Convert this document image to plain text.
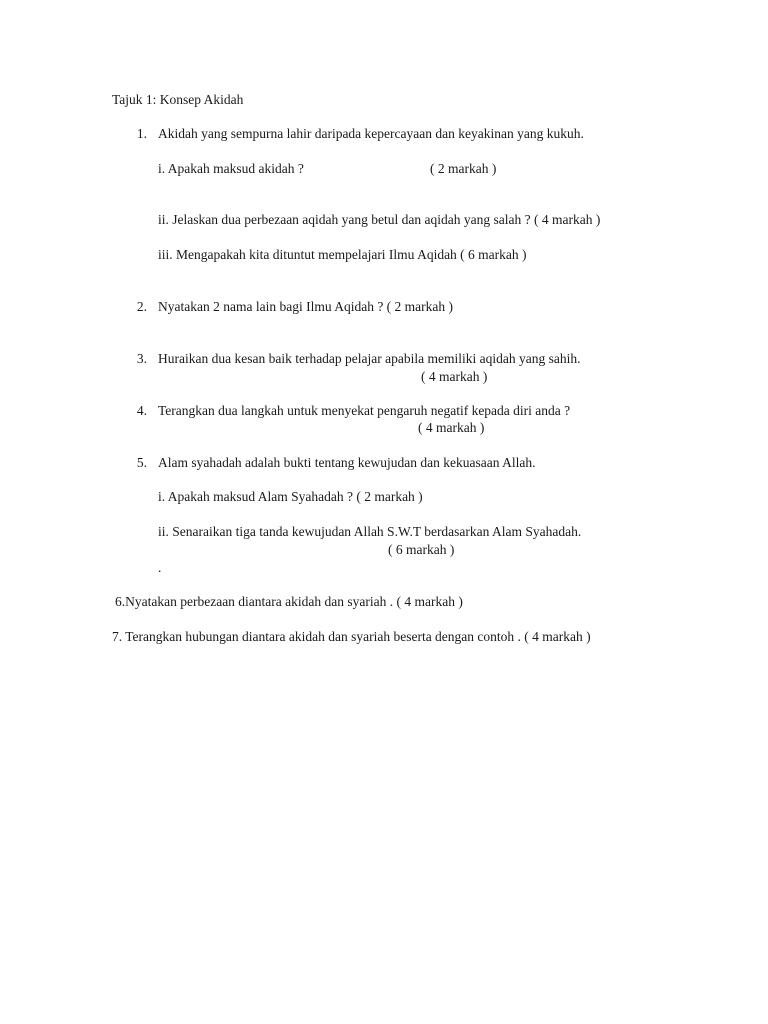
Tajuk 1: Konsep Akidah
1. Akidah yang sempurna lahir daripada kepercayaan dan keyakinan yang kukuh.
i. Apakah maksud akidah ?	( 2 markah )
ii. Jelaskan dua perbezaan aqidah yang betul dan aqidah yang salah ? ( 4 markah )
iii. Mengapakah kita dituntut mempelajari Ilmu Aqidah ( 6 markah )
2. Nyatakan 2 nama lain bagi Ilmu Aqidah ? ( 2 markah )
3. Huraikan dua kesan baik terhadap pelajar apabila memiliki aqidah yang sahih.
( 4 markah )
4. Terangkan dua langkah untuk menyekat pengaruh negatif kepada diri anda ?
( 4 markah )
5. Alam syahadah adalah bukti tentang kewujudan dan kekuasaan Allah.
i. Apakah maksud Alam Syahadah ? ( 2 markah )
ii. Senaraikan tiga tanda kewujudan Allah S.W.T berdasarkan Alam Syahadah.
( 6 markah )
.
6.Nyatakan perbezaan diantara akidah dan syariah . ( 4 markah )
7. Terangkan hubungan diantara akidah dan syariah beserta dengan contoh . ( 4 markah )
